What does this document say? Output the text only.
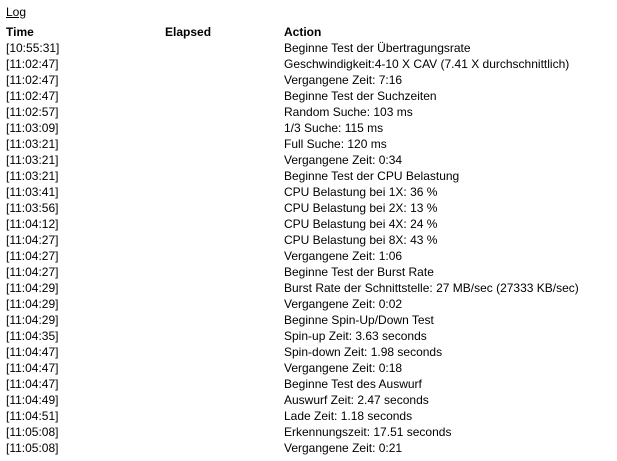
Log
Time	Elapsed	Action
[10:55:31]		Beginne Test der Übertragungsrate
[11:02:47]		Geschwindigkeit:4-10 X CAV (7.41 X durchschnittlich)
[11:02:47]		Vergangene Zeit: 7:16
[11:02:47]		Beginne Test der Suchzeiten
[11:02:57]		Random Suche: 103 ms
[11:03:09]		1/3 Suche: 115 ms
[11:03:21]		Full Suche: 120 ms
[11:03:21]		Vergangene Zeit: 0:34
[11:03:21]		Beginne Test der CPU Belastung
[11:03:41]		CPU Belastung bei 1X: 36 %
[11:03:56]		CPU Belastung bei 2X: 13 %
[11:04:12]		CPU Belastung bei 4X: 24 %
[11:04:27]		CPU Belastung bei 8X: 43 %
[11:04:27]		Vergangene Zeit: 1:06
[11:04:27]		Beginne Test der Burst Rate
[11:04:29]		Burst Rate der Schnittstelle: 27 MB/sec (27333 KB/sec)
[11:04:29]		Vergangene Zeit: 0:02
[11:04:29]		Beginne Spin-Up/Down Test
[11:04:35]		Spin-up Zeit: 3.63 seconds
[11:04:47]		Spin-down Zeit: 1.98 seconds
[11:04:47]		Vergangene Zeit: 0:18
[11:04:47]		Beginne Test des Auswurf
[11:04:49]		Auswurf Zeit: 2.47 seconds
[11:04:51]		Lade Zeit: 1.18 seconds
[11:05:08]		Erkennungszeit: 17.51 seconds
[11:05:08]		Vergangene Zeit: 0:21
